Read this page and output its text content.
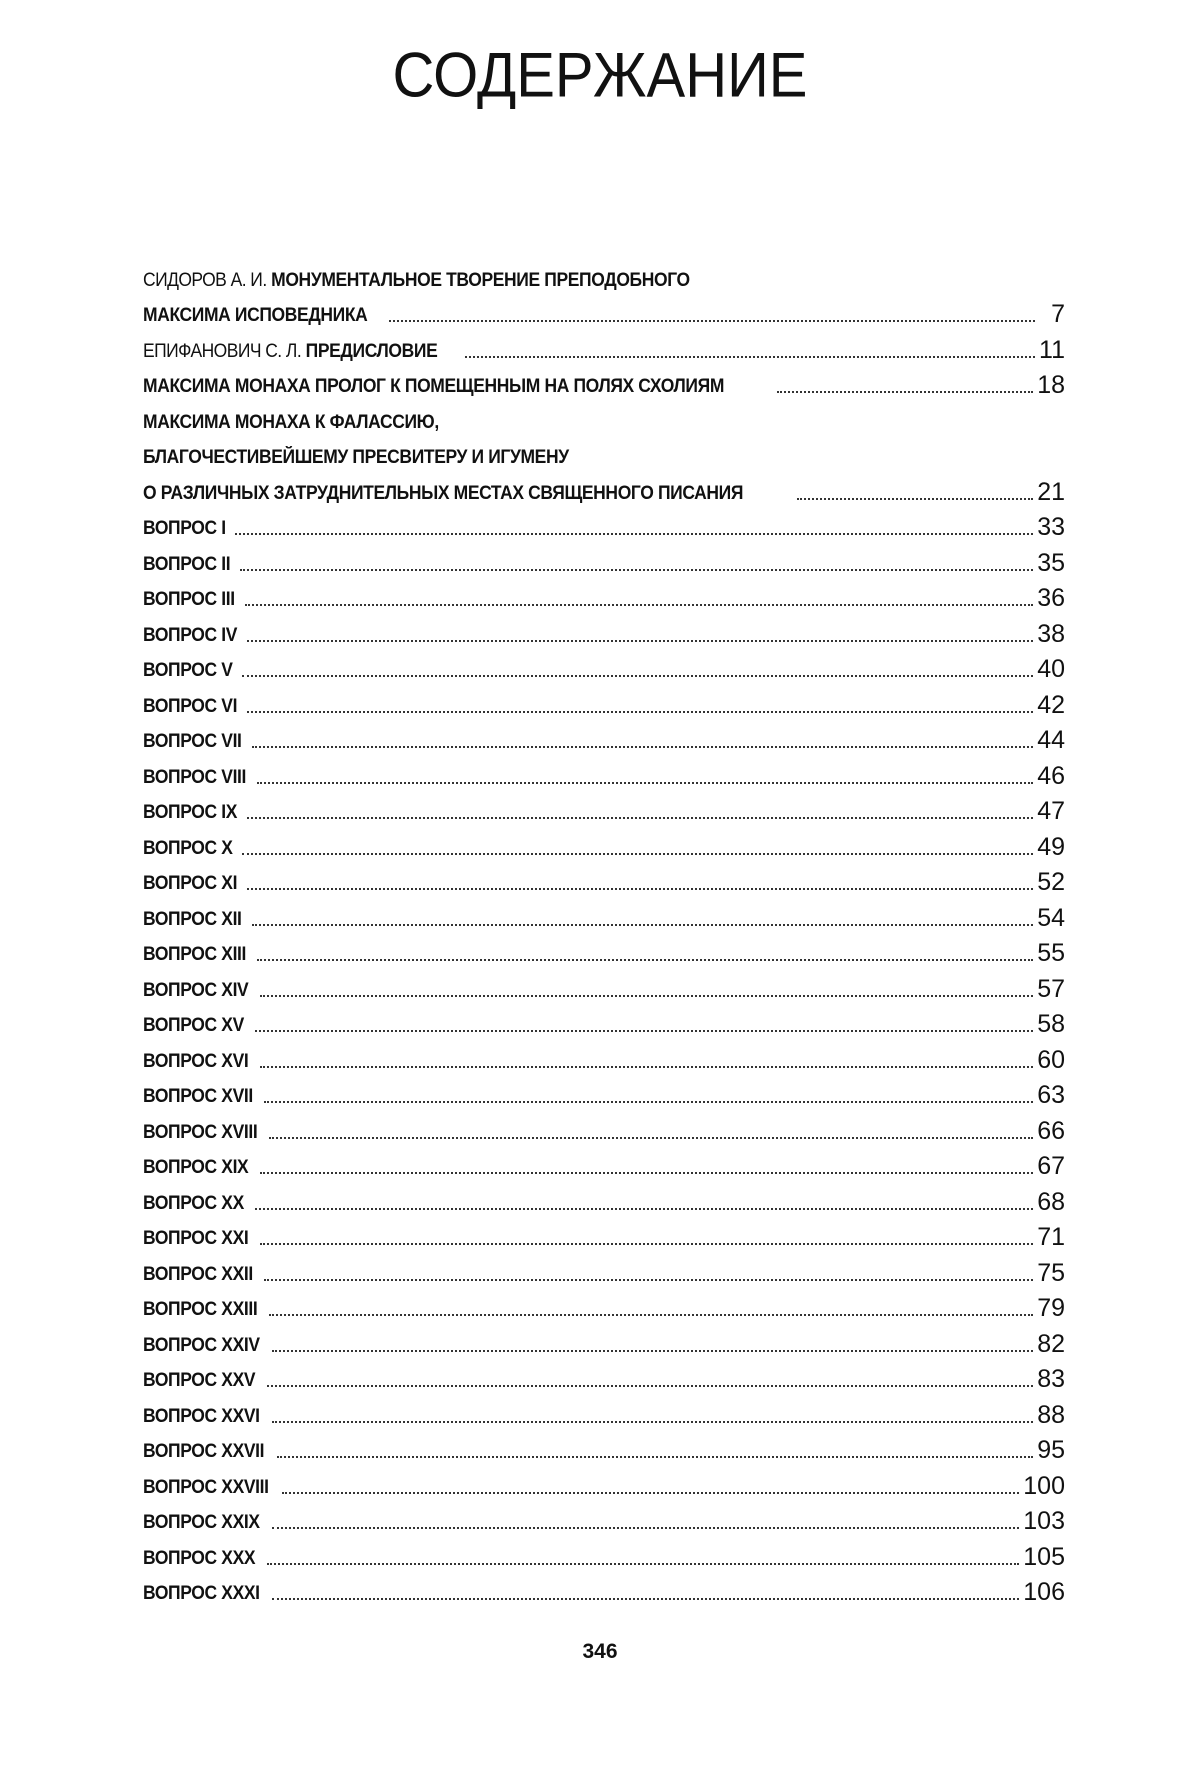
СОДЕРЖАНИЕ
СИДОРОВ А. И. МОНУМЕНТАЛЬНОЕ ТВОРЕНИЕ ПРЕПОДОБНОГО
МАКСИМА ИСПОВЕДНИКА	7
ЕПИФАНОВИЧ С. Л. ПРЕДИСЛОВИЕ	11
МАКСИМА МОНАХА ПРОЛОГ К ПОМЕЩЕННЫМ НА ПОЛЯХ СХОЛИЯМ	18
МАКСИМА МОНАХА К ФАЛАССИЮ,
БЛАГОЧЕСТИВЕЙШЕМУ ПРЕСВИТЕРУ И ИГУМЕНУ
О РАЗЛИЧНЫХ ЗАТРУДНИТЕЛЬНЫХ МЕСТАХ СВЯЩЕННОГО ПИСАНИЯ	21
ВОПРОС I	33
ВОПРОС II	35
ВОПРОС III	36
ВОПРОС IV	38
ВОПРОС V	40
ВОПРОС VI	42
ВОПРОС VII	44
ВОПРОС VIII	46
ВОПРОС IX	47
ВОПРОС X	49
ВОПРОС XI	52
ВОПРОС XII	54
ВОПРОС XIII	55
ВОПРОС XIV	57
ВОПРОС XV	58
ВОПРОС XVI	60
ВОПРОС XVII	63
ВОПРОС XVIII	66
ВОПРОС XIX	67
ВОПРОС XX	68
ВОПРОС XXI	71
ВОПРОС XXII	75
ВОПРОС XXIII	79
ВОПРОС XXIV	82
ВОПРОС XXV	83
ВОПРОС XXVI	88
ВОПРОС XXVII	95
ВОПРОС XXVIII	100
ВОПРОС XXIX	103
ВОПРОС XXX	105
ВОПРОС XXXI	106
346
